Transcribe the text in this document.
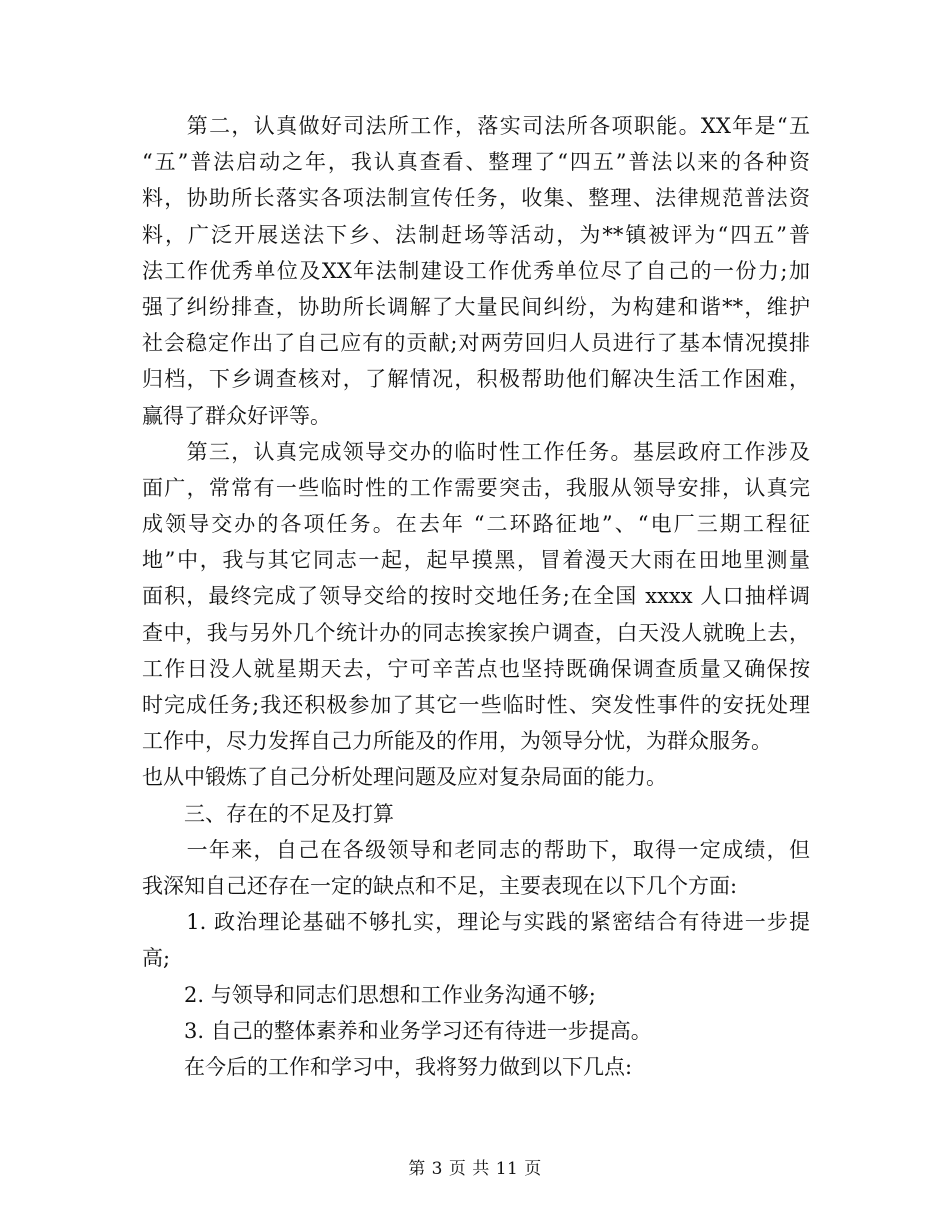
　　第二，认真做好司法所工作，落实司法所各项职能。XX年是“五
“五”普法启动之年，我认真查看、整理了“四五”普法以来的各种资
料，协助所长落实各项法制宣传任务，收集、整理、法律规范普法资
料，广泛开展送法下乡、法制赶场等活动，为**镇被评为“四五”普
法工作优秀单位及XX年法制建设工作优秀单位尽了自己的一份力;加
强了纠纷排查，协助所长调解了大量民间纠纷，为构建和谐**，维护
社会稳定作出了自己应有的贡献;对两劳回归人员进行了基本情况摸排
归档，下乡调查核对，了解情况，积极帮助他们解决生活工作困难，
赢得了群众好评等。
　　第三，认真完成领导交办的临时性工作任务。基层政府工作涉及
面广，常常有一些临时性的工作需要突击，我服从领导安排，认真完
成领导交办的各项任务。在去年 “二环路征地”、“电厂三期工程征
地”中，我与其它同志一起，起早摸黑，冒着漫天大雨在田地里测量
面积，最终完成了领导交给的按时交地任务;在全国 xxxx 人口抽样调
查中，我与另外几个统计办的同志挨家挨户调查，白天没人就晚上去，
工作日没人就星期天去，宁可辛苦点也坚持既确保调查质量又确保按
时完成任务;我还积极参加了其它一些临时性、突发性事件的安抚处理
工作中，尽力发挥自己力所能及的作用，为领导分忧，为群众服务。
也从中锻炼了自己分析处理问题及应对复杂局面的能力。
　　三、存在的不足及打算
　　一年来，自己在各级领导和老同志的帮助下，取得一定成绩，但
我深知自己还存在一定的缺点和不足，主要表现在以下几个方面:
　　1. 政治理论基础不够扎实，理论与实践的紧密结合有待进一步提
高;
　　2. 与领导和同志们思想和工作业务沟通不够;
　　3. 自己的整体素养和业务学习还有待进一步提高。
　　在今后的工作和学习中，我将努力做到以下几点:
第 3 页 共 11 页
